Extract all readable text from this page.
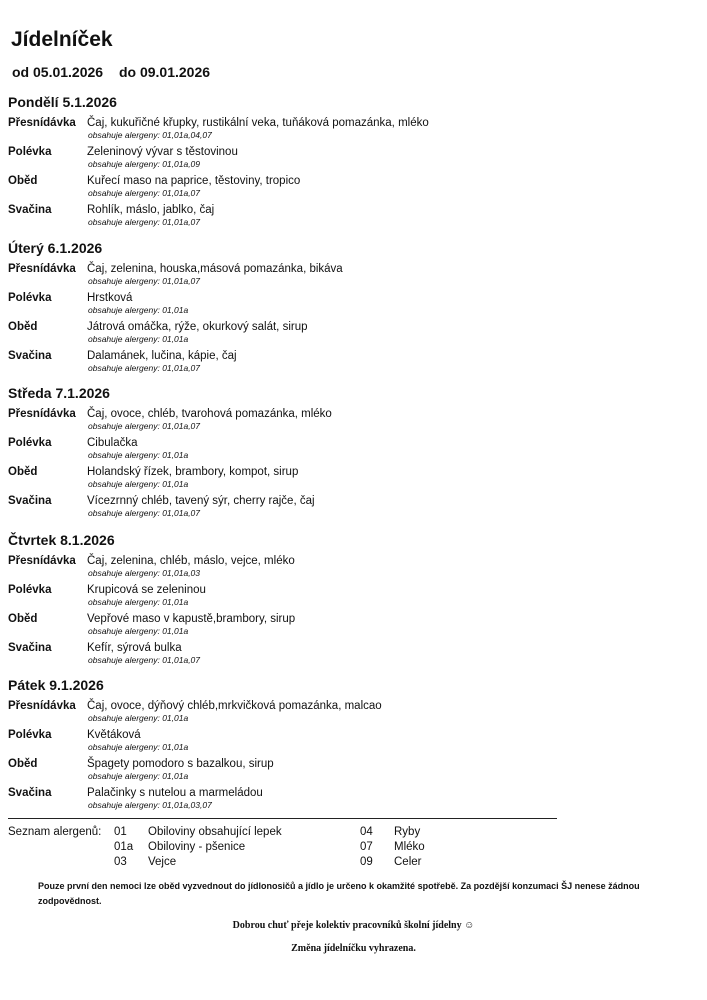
Jídelníček
od 05.01.2026 do 09.01.2026
Pondělí 5.1.2026
Přesnídávka Čaj, kukuřičné křupky, rustikální veka, tuňáková pomazánka, mléko
obsahuje alergeny: 01,01a,04,07
Polévka	Zeleninový vývar s těstovinou
obsahuje alergeny: 01,01a,09
Oběd	Kuřecí maso na paprice, těstoviny, tropico
obsahuje alergeny: 01,01a,07
Svačina	Rohlík, máslo, jablko, čaj
obsahuje alergeny: 01,01a,07
Úterý 6.1.2026
Přesnídávka Čaj, zelenina, houska,másová pomazánka, bikáva
obsahuje alergeny: 01,01a,07
Polévka	Hrstková
obsahuje alergeny: 01,01a
Oběd	Játrová omáčka, rýže, okurkový salát, sirup
obsahuje alergeny: 01,01a
Svačina	Dalamánek, lučina, kápie, čaj
obsahuje alergeny: 01,01a,07
Středa 7.1.2026
Přesnídávka Čaj, ovoce, chléb, tvarohová pomazánka, mléko
obsahuje alergeny: 01,01a,07
Polévka	Cibulačka
obsahuje alergeny: 01,01a
Oběd	Holandský řízek, brambory, kompot, sirup
obsahuje alergeny: 01,01a
Svačina	Vícezrnný chléb, tavený sýr, cherry rajče, čaj
obsahuje alergeny: 01,01a,07
Čtvrtek 8.1.2026
Přesnídávka Čaj, zelenina, chléb, máslo, vejce, mléko
obsahuje alergeny: 01,01a,03
Polévka	Krupicová se zeleninou
obsahuje alergeny: 01,01a
Oběd	Vepřové maso v kapustě,brambory, sirup
obsahuje alergeny: 01,01a
Svačina	Kefír, sýrová bulka
obsahuje alergeny: 01,01a,07
Pátek 9.1.2026
Přesnídávka Čaj, ovoce, dýňový chléb,mrkvičková pomazánka, malcao
obsahuje alergeny: 01,01a
Polévka	Květáková
obsahuje alergeny: 01,01a
Oběd	Špagety pomodoro s bazalkou, sirup
obsahuje alergeny: 01,01a
Svačina	Palačinky s nutelou a marmeládou
obsahuje alergeny: 01,01a,03,07
Seznam alergenů: 01 Obiloviny obsahující lepek
01a Obiloviny - pšenice
03 Vejce
04 Ryby
07 Mléko
09 Celer
Pouze první den nemoci lze oběd vyzvednout do jídlonosičů a jídlo je určeno k okamžité spotřebě. Za pozdější konzumaci ŠJ nenese žádnou zodpovědnost.
Dobrou chuť přeje kolektiv pracovníků školní jídelny ☺
Změna jídelníčku vyhrazena.
